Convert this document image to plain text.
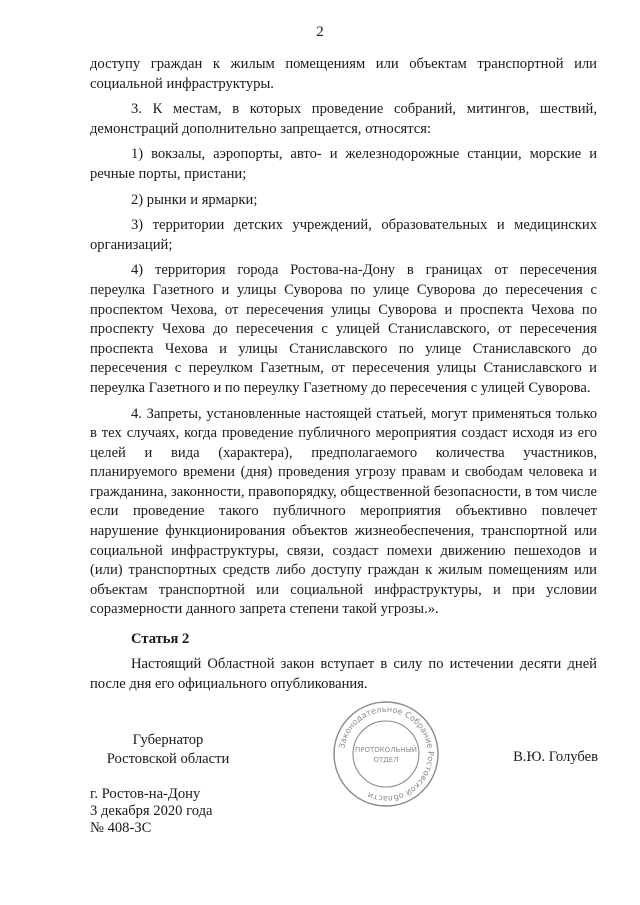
2

доступу граждан к жилым помещениям или объектам транспортной или социальной инфраструктуры.

3. К местам, в которых проведение собраний, митингов, шествий, демонстраций дополнительно запрещается, относятся:

1) вокзалы, аэропорты, авто- и железнодорожные станции, морские и речные порты, пристани;

2) рынки и ярмарки;

3) территории детских учреждений, образовательных и медицинских организаций;

4) территория города Ростова-на-Дону в границах от пересечения переулка Газетного и улицы Суворова по улице Суворова до пересечения с проспектом Чехова, от пересечения улицы Суворова и проспекта Чехова по проспекту Чехова до пересечения с улицей Станиславского, от пересечения проспекта Чехова и улицы Станиславского по улице Станиславского до пересечения с переулком Газетным, от пересечения улицы Станиславского и переулка Газетного и по переулку Газетному до пересечения с улицей Суворова.

4. Запреты, установленные настоящей статьей, могут применяться только в тех случаях, когда проведение публичного мероприятия создаст исходя из его целей и вида (характера), предполагаемого количества участников, планируемого времени (дня) проведения угрозу правам и свободам человека и гражданина, законности, правопорядку, общественной безопасности, в том числе если проведение такого публичного мероприятия объективно повлечет нарушение функционирования объектов жизнеобеспечения, транспортной или социальной инфраструктуры, связи, создаст помехи движению пешеходов и (или) транспортных средств либо доступу граждан к жилым помещениям или объектам транспортной или социальной инфраструктуры, и при условии соразмерности данного запрета степени такой угрозы.».

Статья 2

Настоящий Областной закон вступает в силу по истечении десяти дней после дня его официального опубликования.

Губернатор
Ростовской области
Законодательное Собрание Ростовской области
ПРОТОКОЛЬНЫЙ
ОТДЕЛ	В.Ю. Голубев
г. Ростов-на-Дону
3 декабря 2020 года
№ 408-ЗС
